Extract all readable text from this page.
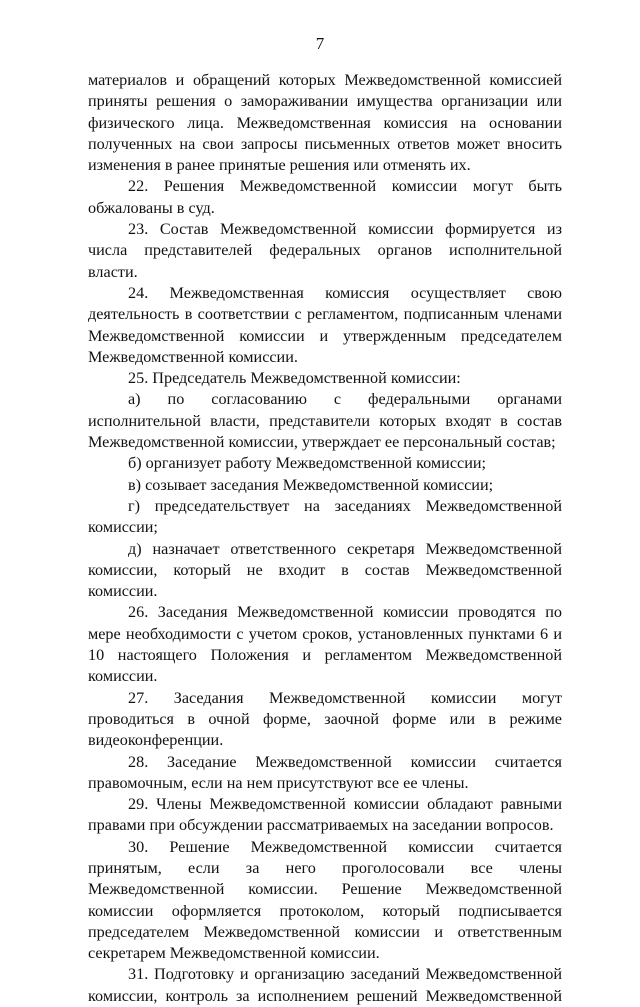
7

материалов и обращений которых Межведомственной комиссией приняты решения о замораживании имущества организации или физического лица. Межведомственная комиссия на основании полученных на свои запросы письменных ответов может вносить изменения в ранее принятые решения или отменять их.

22. Решения Межведомственной комиссии могут быть обжалованы в суд.

23. Состав Межведомственной комиссии формируется из числа представителей федеральных органов исполнительной власти.

24. Межведомственная комиссия осуществляет свою деятельность в соответствии с регламентом, подписанным членами Межведомственной комиссии и утвержденным председателем Межведомственной комиссии.

25. Председатель Межведомственной комиссии:

а) по согласованию с федеральными органами исполнительной власти, представители которых входят в состав Межведомственной комиссии, утверждает ее персональный состав;

б) организует работу Межведомственной комиссии;

в) созывает заседания Межведомственной комиссии;

г) председательствует на заседаниях Межведомственной комиссии;

д) назначает ответственного секретаря Межведомственной комиссии, который не входит в состав Межведомственной комиссии.

26. Заседания Межведомственной комиссии проводятся по мере необходимости с учетом сроков, установленных пунктами 6 и 10 настоящего Положения и регламентом Межведомственной комиссии.

27. Заседания Межведомственной комиссии могут проводиться в очной форме, заочной форме или в режиме видеоконференции.

28. Заседание Межведомственной комиссии считается правомочным, если на нем присутствуют все ее члены.

29. Члены Межведомственной комиссии обладают равными правами при обсуждении рассматриваемых на заседании вопросов.

30. Решение Межведомственной комиссии считается принятым, если за него проголосовали все члены Межведомственной комиссии. Решение Межведомственной комиссии оформляется протоколом, который подписывается председателем Межведомственной комиссии и ответственным секретарем Межведомственной комиссии.

31. Подготовку и организацию заседаний Межведомственной комиссии, контроль за исполнением решений Межведомственной
